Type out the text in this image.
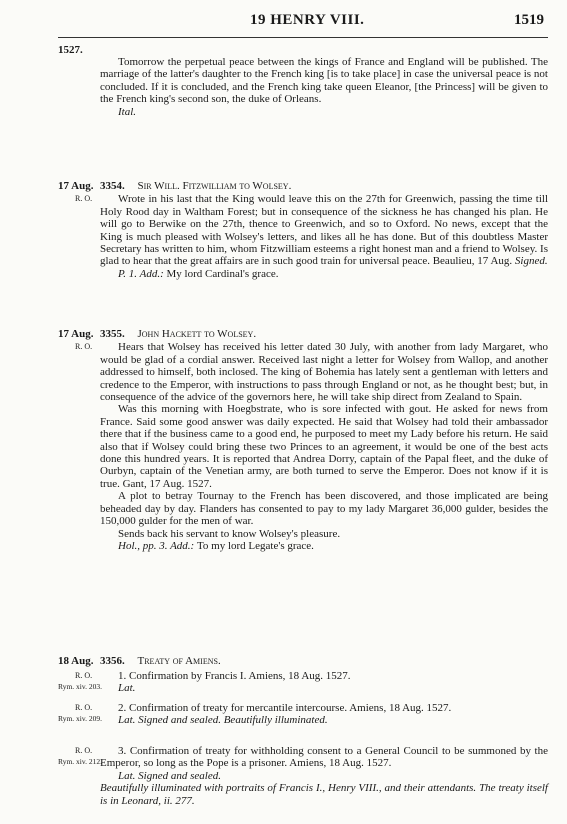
19 HENRY VIII.	1519
1527.

Tomorrow the perpetual peace between the kings of France and England will be published. The marriage of the latter's daughter to the French king [is to take place] in case the universal peace is not concluded. If it is concluded, and the French king take queen Eleanor, [the Princess] will be given to the French king's second son, the duke of Orleans.

Ital.

17 Aug.
R. O.
3354. Sir Will. Fitzwilliam to Wolsey.

Wrote in his last that the King would leave this on the 27th for Greenwich, passing the time till Holy Rood day in Waltham Forest; but in consequence of the sickness he has changed his plan. He will go to Berwike on the 27th, thence to Greenwich, and so to Oxford. No news, except that the King is much pleased with Wolsey's letters, and likes all he has done. But of this doubtless Master Secretary has written to him, whom Fitzwilliam esteems a right honest man and a friend to Wolsey. Is glad to hear that the great affairs are in such good train for universal peace. Beaulieu, 17 Aug. Signed.

P. 1. Add.: My lord Cardinal's grace.

17 Aug.
R. O.
3355. John Hackett to Wolsey.

Hears that Wolsey has received his letter dated 30 July, with another from lady Margaret, who would be glad of a cordial answer. Received last night a letter for Wolsey from Wallop, and another addressed to himself, both inclosed. The king of Bohemia has lately sent a gentleman with letters and credence to the Emperor, with instructions to pass through England or not, as he thought best; but, in consequence of the advice of the governors here, he will take ship direct from Zealand to Spain.

Was this morning with Hoegbstrate, who is sore infected with gout. He asked for news from France. Said some good answer was daily expected. He said that Wolsey had told their ambassador there that if the business came to a good end, he purposed to meet my Lady before his return. He said also that if Wolsey could bring these two Princes to an agreement, it would be one of the best acts done this hundred years. It is reported that Andrea Dorry, captain of the Papal fleet, and the duke of Ourbyn, captain of the Venetian army, are both turned to serve the Emperor. Does not know if it is true. Gant, 17 Aug. 1527.

A plot to betray Tournay to the French has been discovered, and those implicated are being beheaded day by day. Flanders has consented to pay to my lady Margaret 36,000 gulder, besides the 150,000 gulder for the men of war.

Sends back his servant to know Wolsey's pleasure.

Hol., pp. 3. Add.: To my lord Legate's grace.

18 Aug. 3356. Treaty of Amiens.
R. O.
Rym. xiv. 203.

1. Confirmation by Francis I. Amiens, 18 Aug. 1527.

Lat.

R. O.
Rym. xiv. 209.

2. Confirmation of treaty for mercantile intercourse. Amiens, 18 Aug. 1527.

Lat. Signed and sealed. Beautifully illuminated.

R. O.
Rym. xiv. 212.

3. Confirmation of treaty for withholding consent to a General Council to be summoned by the Emperor, so long as the Pope is a prisoner. Amiens, 18 Aug. 1527.

Lat. Signed and sealed.

Beautifully illuminated with portraits of Francis I., Henry VIII., and their attendants. The treaty itself is in Leonard, ii. 277.
